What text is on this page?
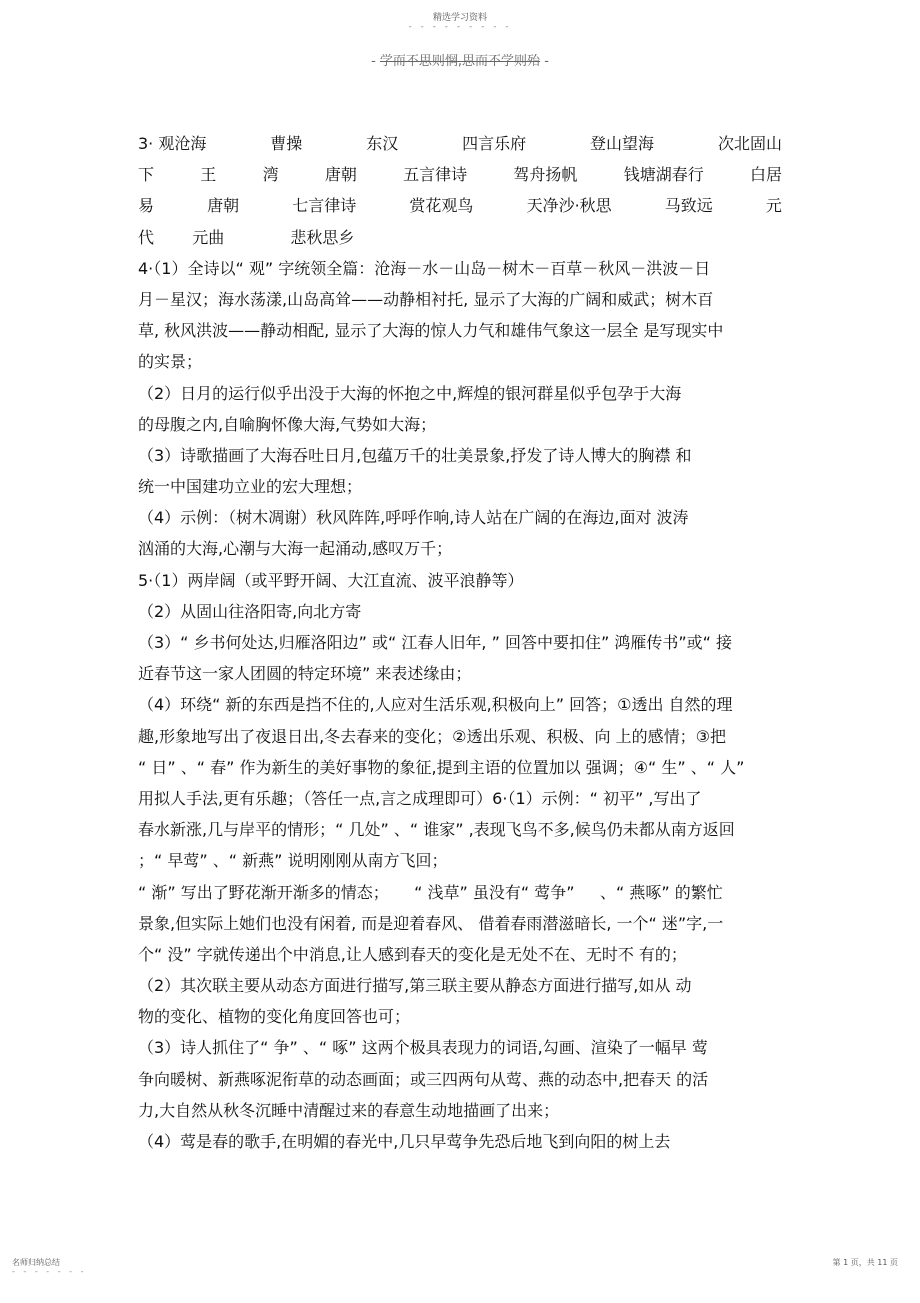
精选学习资料
- - - - - - - - -
- 学而不思则惘,思而不学则殆 -
3· 观沧海	曹操	东汉	四言乐府	登山望海	次北固山
下	王	湾	唐朝	五言律诗	驾舟扬帆	钱塘湖春行	白居
易	唐朝	七言律诗	赏花观鸟	天净沙·秋思	马致远	元
代 元曲	悲秋思乡
4·（1）全诗以“ 观” 字统领全篇：沧海－水－山岛－树木－百草－秋风－洪波－日
月－星汉；海水荡漾,山岛高耸——动静相衬托, 显示了大海的广阔和威武；树木百
草, 秋风洪波——静动相配, 显示了大海的惊人力气和雄伟气象这一层全 是写现实中
的实景；
（2）日月的运行似乎出没于大海的怀抱之中,辉煌的银河群星似乎包孕于大海
的母腹之内,自喻胸怀像大海,气势如大海；
（3）诗歌描画了大海吞吐日月,包蕴万千的壮美景象,抒发了诗人博大的胸襟 和
统一中国建功立业的宏大理想；
（4）示例：（树木凋谢）秋风阵阵,呼呼作响,诗人站在广阔的在海边,面对 波涛
汹涌的大海,心潮与大海一起涌动,感叹万千；
5·（1）两岸阔（或平野开阔、大江直流、波平浪静等）
（2）从固山往洛阳寄,向北方寄
（3）“ 乡书何处达,归雁洛阳边” 或“ 江春人旧年, ” 回答中要扣住” 鸿雁传书”或“ 接
近春节这一家人团圆的特定环境” 来表述缘由；
（4）环绕“ 新的东西是挡不住的,人应对生活乐观,积极向上” 回答；①透出 自然的理
趣,形象地写出了夜退日出,冬去春来的变化；②透出乐观、积极、向 上的感情；③把
“ 日” 、“ 春” 作为新生的美好事物的象征,提到主语的位置加以 强调；④“ 生” 、“ 人”
用拟人手法,更有乐趣；（答任一点,言之成理即可）6·（1）示例：“ 初平” ,写出了
春水新涨,几与岸平的情形；“ 几处” 、“ 谁家” ,表现飞鸟不多,候鸟仍未都从南方返回
；“ 早莺” 、“ 新燕” 说明刚刚从南方飞回；
“ 渐” 写出了野花渐开渐多的情态；     “ 浅草” 虽没有“ 莺争”     、“ 燕啄” 的繁忙
景象,但实际上她们也没有闲着, 而是迎着春风、 借着春雨潜滋暗长, 一个“ 迷”字,一
个“ 没” 字就传递出个中消息,让人感到春天的变化是无处不在、无时不 有的；
（2）其次联主要从动态方面进行描写,第三联主要从静态方面进行描写,如从 动
物的变化、植物的变化角度回答也可；
（3）诗人抓住了“ 争” 、“ 啄” 这两个极具表现力的词语,勾画、渲染了一幅早 莺
争向暖树、新燕啄泥衔草的动态画面；或三四两句从莺、燕的动态中,把春天 的活
力,大自然从秋冬沉睡中清醒过来的春意生动地描画了出来；
（4）莺是春的歌手,在明媚的春光中,几只早莺争先恐后地飞到向阳的树上去
名师归纳总结
- - - - - - -
第 1 页，共 11 页
